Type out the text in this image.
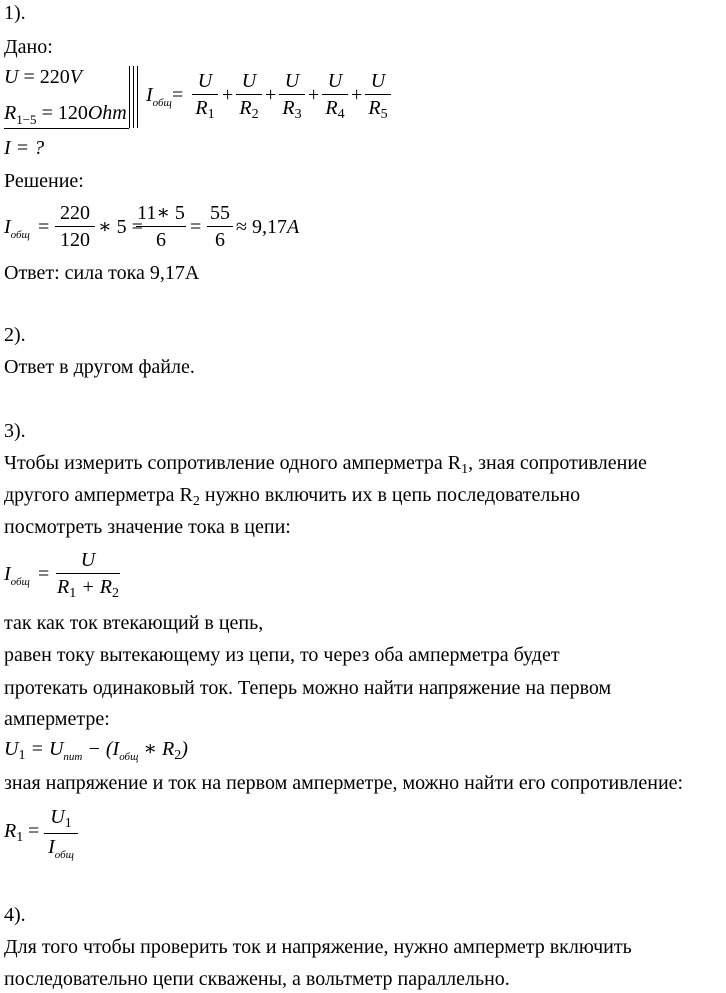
1).
Дано:
U = 220V
$R_{1-5} = 120Ohm$
$I_{общ}$ =
U
$R_1$
+
U
$R_2$
+
U
$R_3$
+
U
$R_4$
+
U
$R_5$
I = ?
Решение:
$I_{общ}$ =
220
120
∗ 5 =
11∗ 5
6
=
55
6
≈ 9,17A
Ответ: сила тока 9,17А
2).
Ответ в другом файле.
3).
Чтобы измерить сопротивление одного амперметра $R_1$, зная сопротивление
другого амперметра $R_2$ нужно включить их в цепь последовательно
посмотреть значение тока в цепи:
$I_{общ}$ =
U
$R_1 + R_2$
так как ток втекающий в цепь,
равен току вытекающему из цепи, то через оба амперметра будет
протекать одинаковый ток. Теперь можно найти напряжение на первом
амперметре:
$U_1 = U_{пит} - (I_{общ}$ ∗ $R_2$)
зная напряжение и ток на первом амперметре, можно найти его сопротивление:
$R_1$ =
$U_1$
$I_{общ}$
4).
Для того чтобы проверить ток и напряжение, нужно амперметр включить
последовательно цепи скважены, а вольтметр параллельно.
